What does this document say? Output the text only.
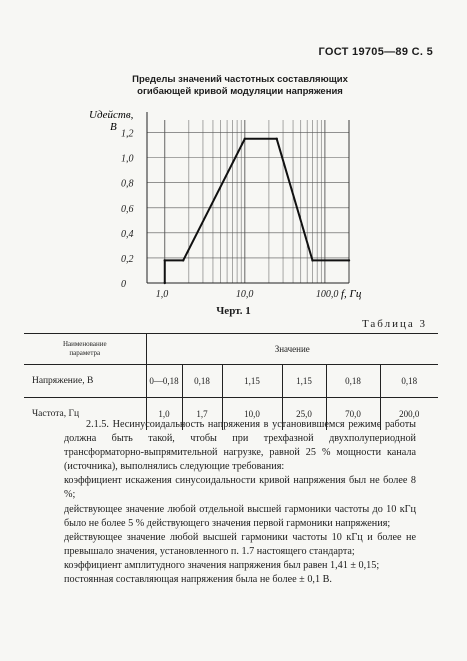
ГОСТ 19705—89 С. 5
Пределы значений частотных составляющих
огибающей кривой модуляции напряжения
0
0,2
0,4
0,6
0,8
1,0
1,2
1,0	10,0	100,0
Uдейств,
В
f, Гц
Черт. 1
Таблица 3
Наименование
параметра	Значение					
Напряжение, В	0—0,18	0,18	1,15	1,15	0,18	0,18
Частота, Гц	1,0	1,7	10,0	25,0	70,0	200,0

2.1.5. Несинусоидальность напряжения в установившемся режиме работы должна быть такой, чтобы при трехфазной двухполупериодной трансформаторно-выпрямительной нагрузке, равной 25 % мощности канала (источника), выполнялись следующие требования:

коэффициент искажения синусоидальности кривой напряжения был не более 8 %;

действующее значение любой отдельной высшей гармоники частоты до 10 кГц было не более 5 % действующего значения первой гармоники напряжения;

действующее значение любой высшей гармоники частоты 10 кГц и более не превышало значения, установленного п. 1.7 настоящего стандарта;

коэффициент амплитудного значения напряжения был равен 1,41 ± 0,15;

постоянная составляющая напряжения была не более ± 0,1 В.
